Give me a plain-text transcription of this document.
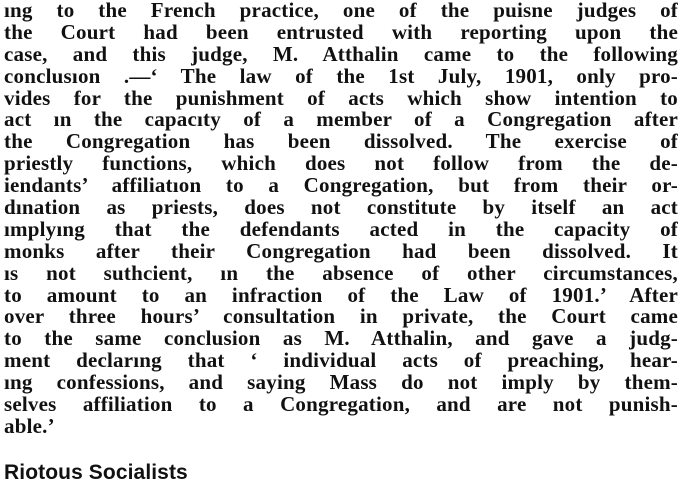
ıng to the French practice, one of the puisne judges of
the Court had been entrusted with reporting upon the
case, and this judge, M. Atthalin came to the following
conclusıon .—‘ The law of the 1st July, 1901, only pro-
vides for the punishment of acts which show intention to
act ın the capacıty of a member of a Congregation after
the Congregation has been dissolved. The exercise of
priestly functions, which does not follow from the de-
iendants’ affiliatıon to a Congregation, but from their or-
dınation as priests, does not constitute by itself an act
ımplyıng that the defendants acted in the capacity of
monks after their Congregation had been dissolved. It
ıs not suthcient, ın the absence of other circumstances,
to amount to an infraction of the Law of 1901.’ After
over three hours’ consultation in private, the Court came
to the same conclusion as M. Atthalin, and gave a judg-
ment declarıng that ‘ individual acts of preaching, hear-
ıng confessions, and saying Mass do not imply by them-
selves affiliation to a Congregation, and are not punish-
able.’
Riotous Socialists
